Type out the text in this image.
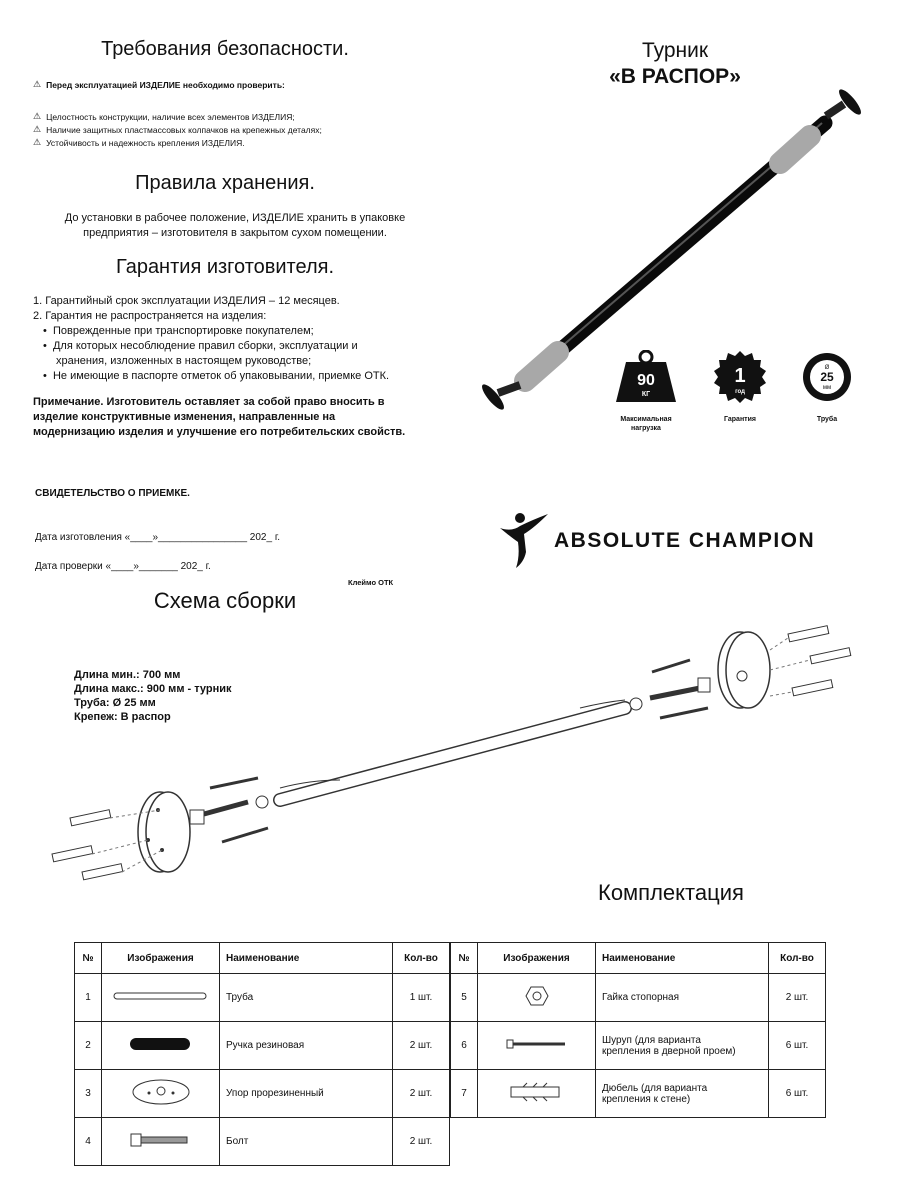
Требования безопасности.
⚠ Перед эксплуатацией ИЗДЕЛИЕ необходимо проверить:
⚠ Целостность конструкции, наличие всех элементов ИЗДЕЛИЯ;
⚠ Наличие защитных пластмассовых колпачков на крепежных деталях;
⚠ Устойчивость и надежность крепления ИЗДЕЛИЯ.
Правила хранения.
До установки в рабочее положение, ИЗДЕЛИЕ хранить в упаковке
предприятия – изготовителя в закрытом сухом помещении.
Гарантия изготовителя.
1. Гарантийный срок эксплуатации ИЗДЕЛИЯ – 12 месяцев.
2. Гарантия не распространяется на изделия:
•  Поврежденные при транспортировке покупателем;
•  Для которых несоблюдение правил сборки, эксплуатации и
хранения, изложенных в настоящем руководстве;
•  Не имеющие в паспорте отметок об упаковывании, приемке ОТК.
Примечание. Изготовитель оставляет за собой право вносить в
изделие конструктивные изменения, направленные на
модернизацию изделия и улучшение его потребительских свойств.
СВИДЕТЕЛЬСТВО О ПРИЕМКЕ.
Дата изготовления «____»________________ 202_ г.
Дата проверки «____»_______ 202_ г.
Клеймо ОТК
Турник
«В РАСПОР»
90
КГ
Максимальная
нагрузка
1
год
Гарантия
Ø
25
мм
Труба
ABSOLUTE CHAMPION
Схема сборки
Длина мин.: 700 мм
Длина макс.: 900 мм - турник
Труба: Ø 25 мм
Крепеж: В распор
Комплектация
№	Изображения	Наименование	Кол-во
1		Труба	1 шт.
2		Ручка резиновая	2 шт.
3		Упор прорезиненный	2 шт.
4		Болт	2 шт.
№	Изображения	Наименование	Кол-во
5		Гайка стопорная	2 шт.
6		Шуруп (для варианта
крепления в дверной проем)	6 шт.
7		Дюбель (для варианта
крепления к стене)	6 шт.
